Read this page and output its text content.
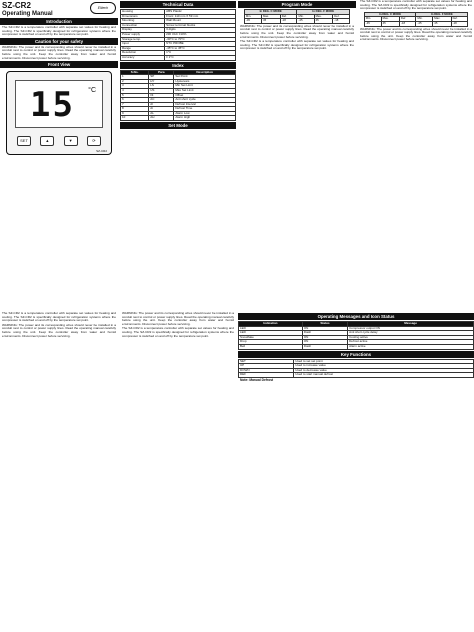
SZ-CR2
Operating Manual
Elitech
Introduction

The SZ-CR2 is a temperature controller with separate set values for heating and cooling. The SZ-CR2 is specifically designed for refrigeration systems where the compressor is switched on and off by the temperature set point.

Caution for your safety

WARNING: The power and its corresponding wires should never be installed in a conduit next to control or power supply lines. Read the operating manual carefully before using the unit. Keep the controller away from water and humid environments. Disconnect power before servicing.

Front View
15 °C
SET	▲	▼	⟳
SZ-CR2
Technical Data
Housing	ABS Plastic
Dimensions	Front: 110 mm X 59 mm
Mounting	Wall Mount
Connection	Screw terminal blocks
Display	3 digits
Power supply	230 VAC ±10%
Storage temp.	-30°C to 70°C
Input	NTC PROBE
Range	-45°C to 45°C
Resolution	1°C
Accuracy	± 1°C
Index
S.No.	Para	Description
1	SP	Set Point
2	HY	Hysteresis
3	LS	Min Set Limit
4	US	Max Set Limit
5	Ot	Offset
6	AC	Anti short cycle
7	dI	Defrost Interval
8	dt	Defrost Time
9	AL	Alarm Low
10	AH	Alarm High
Set Mode
Program Mode
In DEG. C MODE			In DEG. F MODE		
Min.	Max.	Def.	Min.	Max.	Def.
-45	45	-18	-45	45	-18

WARNING: The power and its corresponding wires should never be installed in a conduit next to control or power supply lines. Read the operating manual carefully before using the unit. Keep the controller away from water and humid environments. Disconnect power before servicing.

The SZ-CR2 is a temperature controller with separate set values for heating and cooling. The SZ-CR2 is specifically designed for refrigeration systems where the compressor is switched on and off by the temperature set point.

The SZ-CR2 is a temperature controller with separate set values for heating and cooling. The SZ-CR2 is specifically designed for refrigeration systems where the compressor is switched on and off by the temperature set point.

In DEG. C MODE			In DEG. F MODE		
Min.	Max.	Def.	Min.	Max.	Def.
-45	45	-18	-45	45	-18

WARNING: The power and its corresponding wires should never be installed in a conduit next to control or power supply lines. Read the operating manual carefully before using the unit. Keep the controller away from water and humid environments. Disconnect power before servicing.

The SZ-CR2 is a temperature controller with separate set values for heating and cooling. The SZ-CR2 is specifically designed for refrigeration systems where the compressor is switched on and off by the temperature set point.

WARNING: The power and its corresponding wires should never be installed in a conduit next to control or power supply lines. Read the operating manual carefully before using the unit. Keep the controller away from water and humid environments. Disconnect power before servicing.

WARNING: The power and its corresponding wires should never be installed in a conduit next to control or power supply lines. Read the operating manual carefully before using the unit. Keep the controller away from water and humid environments. Disconnect power before servicing.

The SZ-CR2 is a temperature controller with separate set values for heating and cooling. The SZ-CR2 is specifically designed for refrigeration systems where the compressor is switched on and off by the temperature set point.

Operating Messages and Icon Status
Indication	Status	Message
LED	ON	Compressor output ON
LED	Flash	Anti short cycle delay
Snowflake	ON	Cooling active
Drop	ON	Defrost active
Bell	Flash	Alarm active
Key Functions
SET	Used to set set point
UP	Used to increase value
DOWN	Used to decrease value
DEF	Used to start manual defrost

Note: Manual Defrost
